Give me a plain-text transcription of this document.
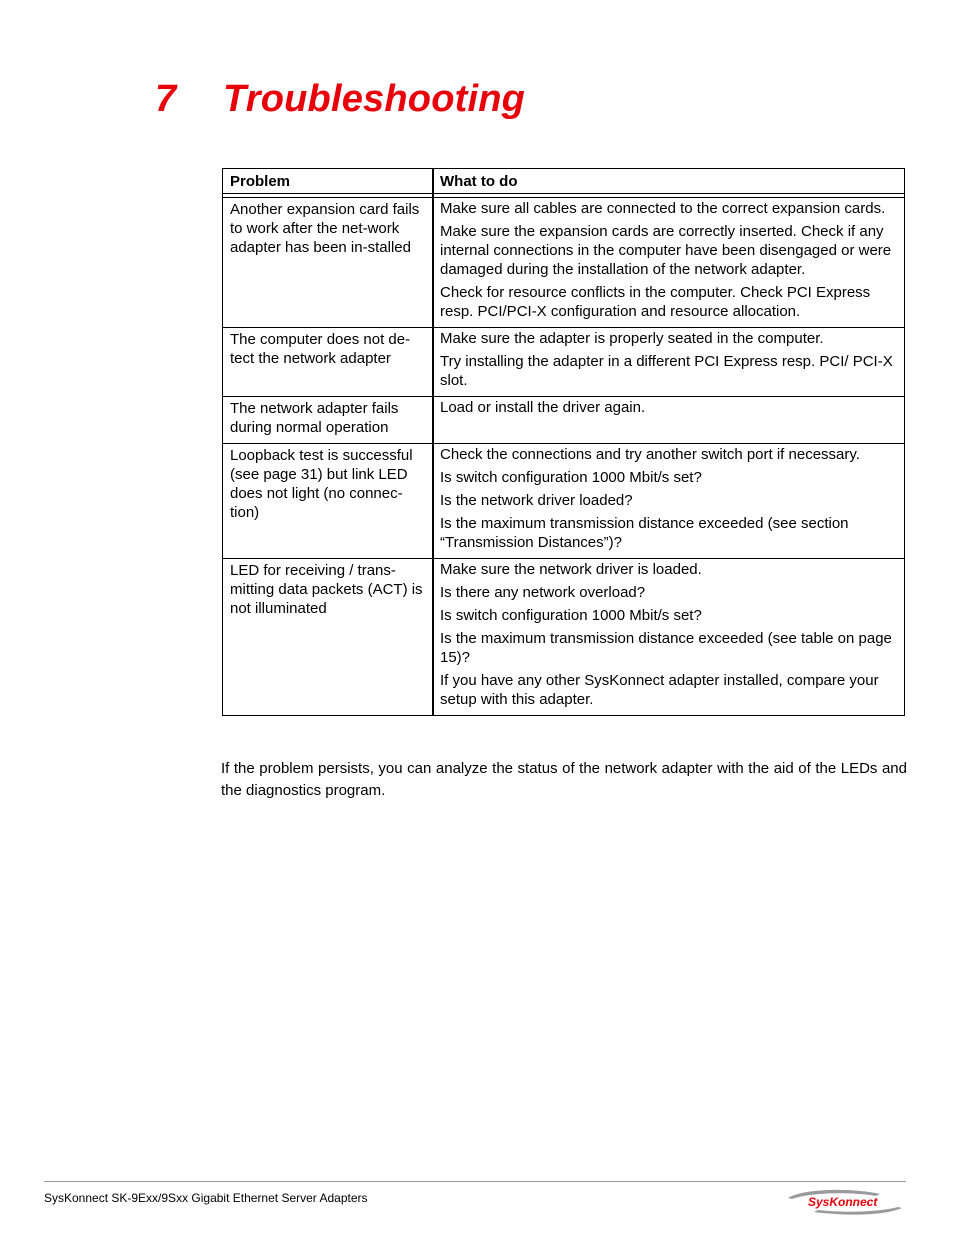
7	Troubleshooting
Problem	What to do

Another expansion card fails to work after the net-work adapter has been in-stalled	Make sure all cables are connected to the correct expansion cards.
Make sure the expansion cards are correctly inserted. Check if any internal connections in the computer have been disengaged or were damaged during the installation of the network adapter.
Check for resource conflicts in the computer. Check PCI Express resp. PCI/PCI-X configuration and resource allocation.

The computer does not de-tect the network adapter	Make sure the adapter is properly seated in the computer.
Try installing the adapter in a different PCI Express resp. PCI/ PCI-X slot.

The network adapter fails during normal operation	Load or install the driver again.

Loopback test is successful (see page 31) but link LED does not light (no connec-tion)	Check the connections and try another switch port if necessary.
Is switch configuration 1000 Mbit/s set?
Is the network driver loaded?
Is the maximum transmission distance exceeded (see section “Transmission Distances”)?

LED for receiving / trans-mitting data packets (ACT) is not illuminated	Make sure the network driver is loaded.
Is there any network overload?
Is switch configuration 1000 Mbit/s set?
Is the maximum transmission distance exceeded (see table on page 15)?
If you have any other SysKonnect adapter installed, compare your setup with this adapter.
If the problem persists, you can analyze the status of the network adapter with the aid of the LEDs and the diagnostics program.
SysKonnect SK-9Exx/9Sxx Gigabit Ethernet Server Adapters	SysKonnect
